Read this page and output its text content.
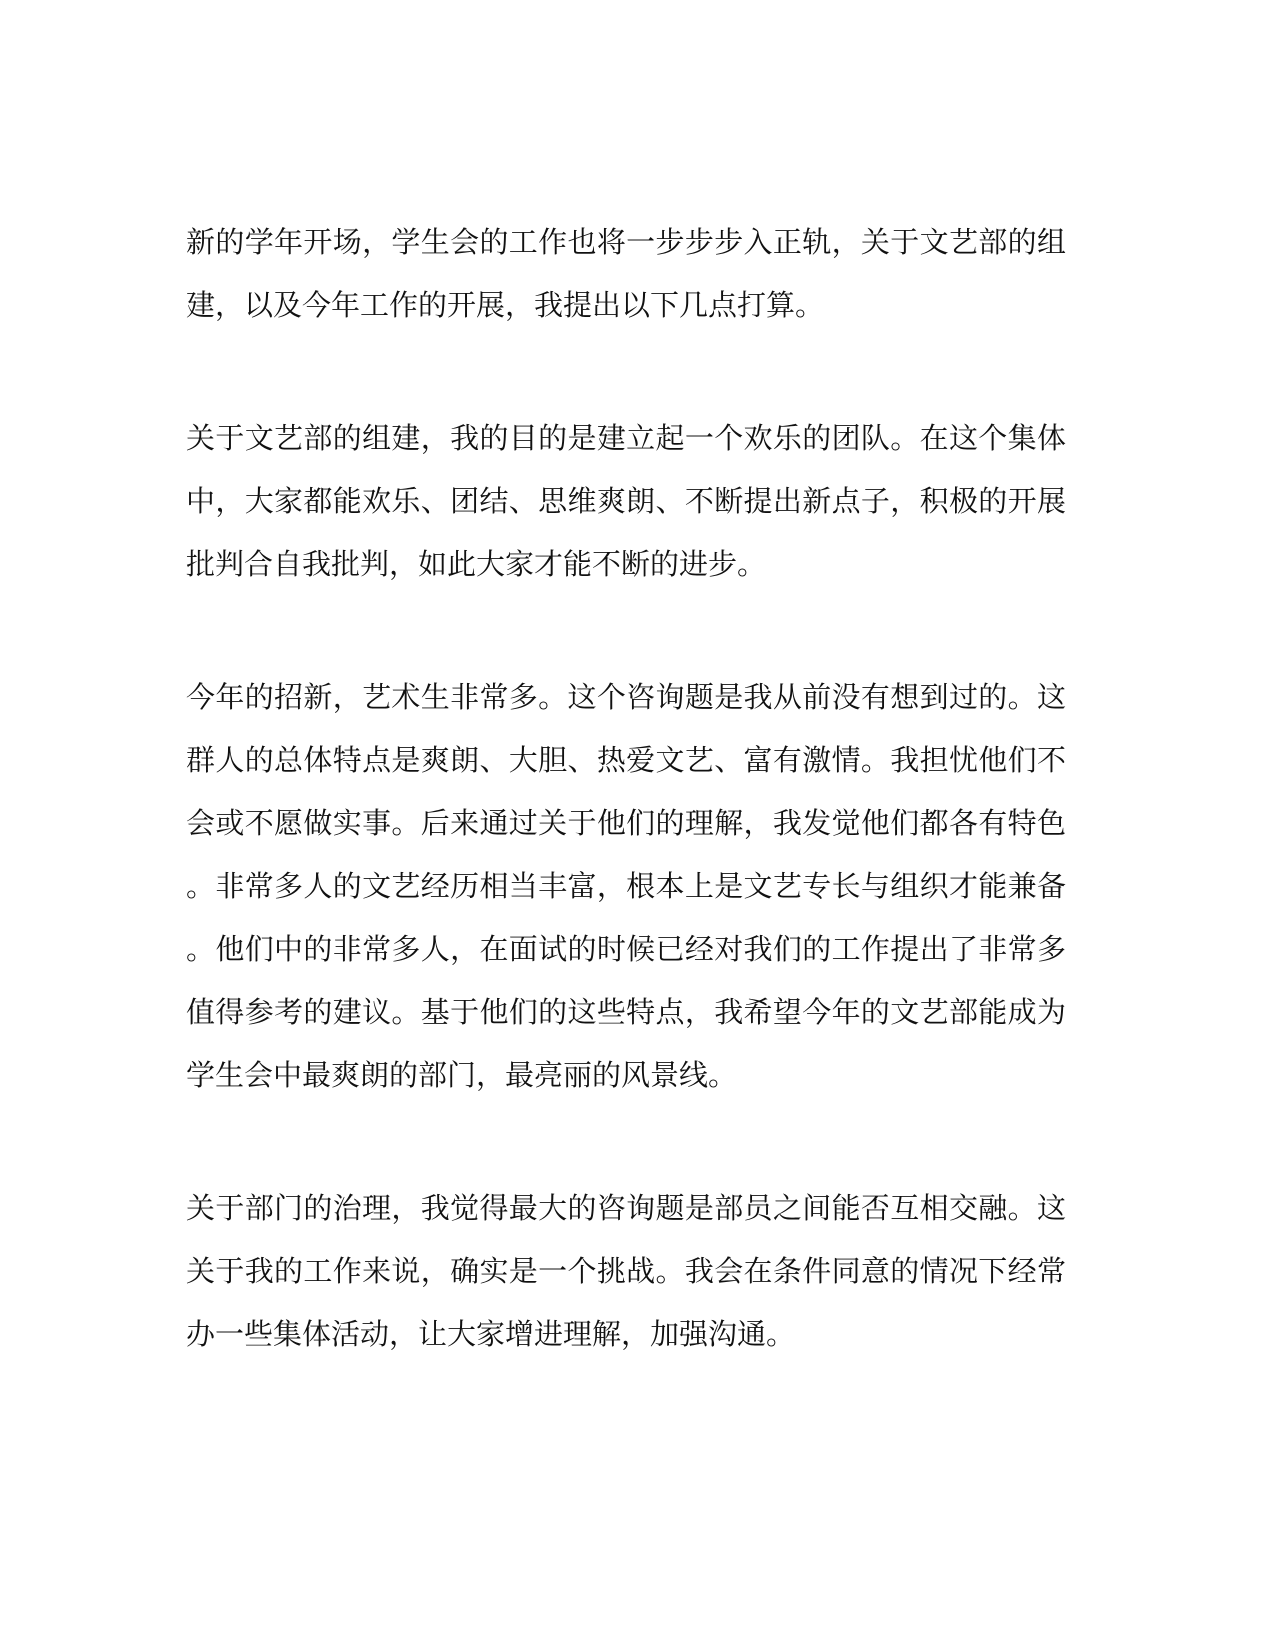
新的学年开场，学生会的工作也将一步步步入正轨，关于文艺部的组
建，以及今年工作的开展，我提出以下几点打算。
关于文艺部的组建，我的目的是建立起一个欢乐的团队。在这个集体
中，大家都能欢乐、团结、思维爽朗、不断提出新点子，积极的开展
批判合自我批判，如此大家才能不断的进步。
今年的招新，艺术生非常多。这个咨询题是我从前没有想到过的。这
群人的总体特点是爽朗、大胆、热爱文艺、富有激情。我担忧他们不
会或不愿做实事。后来通过关于他们的理解，我发觉他们都各有特色
。非常多人的文艺经历相当丰富，根本上是文艺专长与组织才能兼备
。他们中的非常多人，在面试的时候已经对我们的工作提出了非常多
值得参考的建议。基于他们的这些特点，我希望今年的文艺部能成为
学生会中最爽朗的部门，最亮丽的风景线。
关于部门的治理，我觉得最大的咨询题是部员之间能否互相交融。这
关于我的工作来说，确实是一个挑战。我会在条件同意的情况下经常
办一些集体活动，让大家增进理解，加强沟通。
